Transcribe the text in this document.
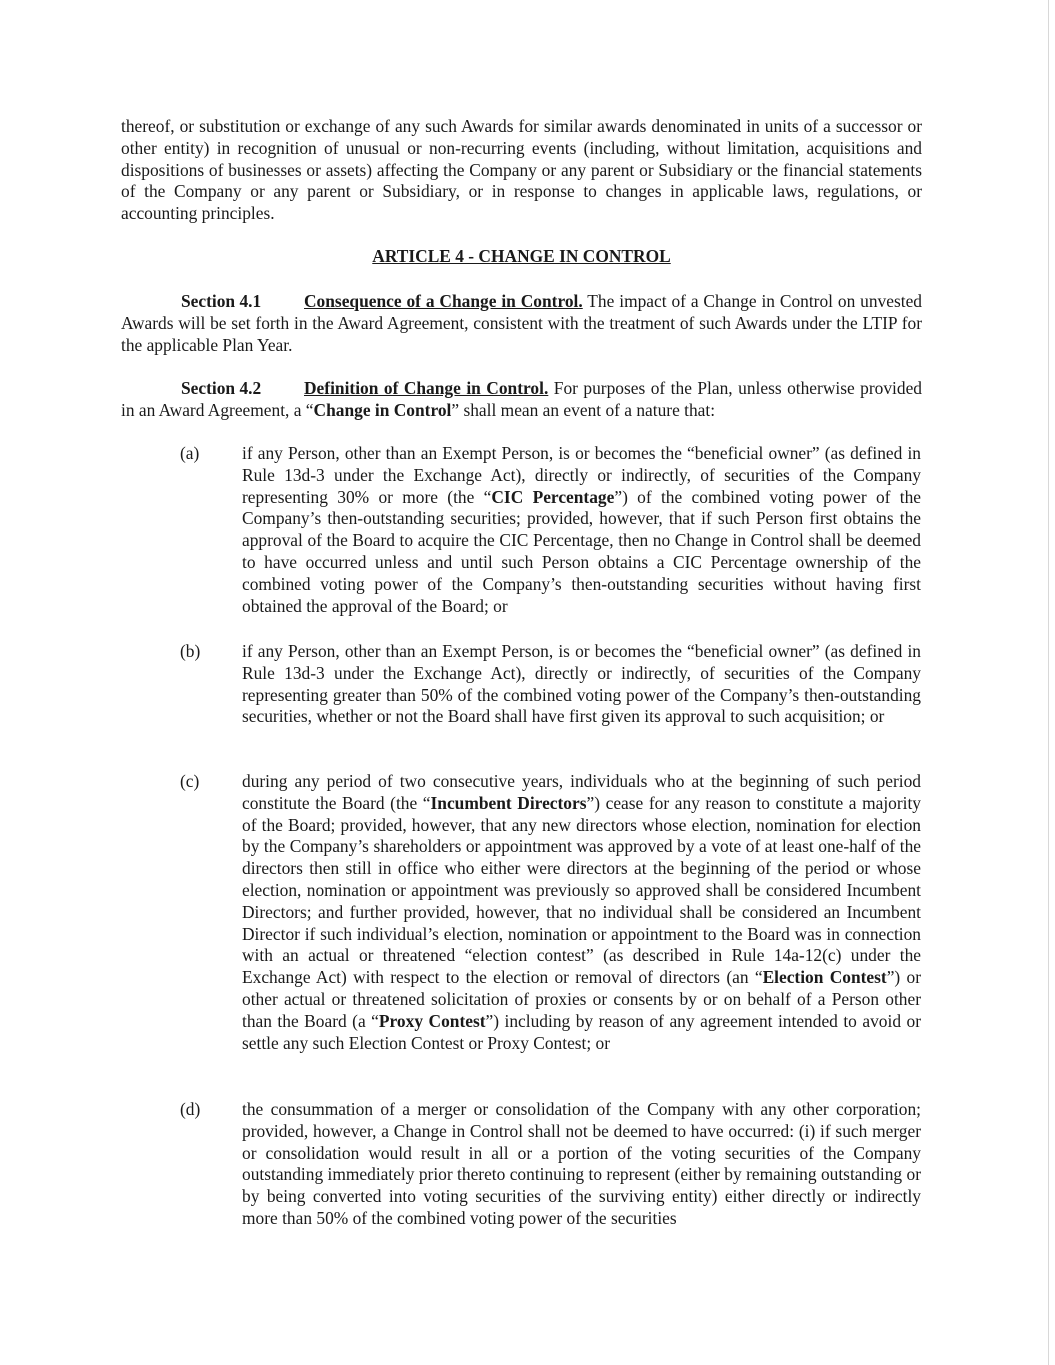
thereof, or substitution or exchange of any such Awards for similar awards denominated in units of a successor or other entity) in recognition of unusual or non-recurring events (including, without limitation, acquisitions and dispositions of businesses or assets) affecting the Company or any parent or Subsidiary or the financial statements of the Company or any parent or Subsidiary, or in response to changes in applicable laws, regulations, or accounting principles.
ARTICLE 4 - CHANGE IN CONTROL
Section 4.1 Consequence of a Change in Control. The impact of a Change in Control on unvested Awards will be set forth in the Award Agreement, consistent with the treatment of such Awards under the LTIP for the applicable Plan Year.
Section 4.2 Definition of Change in Control. For purposes of the Plan, unless otherwise provided in an Award Agreement, a “Change in Control” shall mean an event of a nature that:
(a) if any Person, other than an Exempt Person, is or becomes the “beneficial owner” (as defined in Rule 13d-3 under the Exchange Act), directly or indirectly, of securities of the Company representing 30% or more (the “CIC Percentage”) of the combined voting power of the Company’s then-outstanding securities; provided, however, that if such Person first obtains the approval of the Board to acquire the CIC Percentage, then no Change in Control shall be deemed to have occurred unless and until such Person obtains a CIC Percentage ownership of the combined voting power of the Company’s then-outstanding securities without having first obtained the approval of the Board; or
(b) if any Person, other than an Exempt Person, is or becomes the “beneficial owner” (as defined in Rule 13d-3 under the Exchange Act), directly or indirectly, of securities of the Company representing greater than 50% of the combined voting power of the Company’s then-outstanding securities, whether or not the Board shall have first given its approval to such acquisition; or
(c) during any period of two consecutive years, individuals who at the beginning of such period constitute the Board (the “Incumbent Directors”) cease for any reason to constitute a majority of the Board; provided, however, that any new directors whose election, nomination for election by the Company’s shareholders or appointment was approved by a vote of at least one-half of the directors then still in office who either were directors at the beginning of the period or whose election, nomination or appointment was previously so approved shall be considered Incumbent Directors; and further provided, however, that no individual shall be considered an Incumbent Director if such individual’s election, nomination or appointment to the Board was in connection with an actual or threatened “election contest” (as described in Rule 14a-12(c) under the Exchange Act) with respect to the election or removal of directors (an “Election Contest”) or other actual or threatened solicitation of proxies or consents by or on behalf of a Person other than the Board (a “Proxy Contest”) including by reason of any agreement intended to avoid or settle any such Election Contest or Proxy Contest; or
(d) the consummation of a merger or consolidation of the Company with any other corporation; provided, however, a Change in Control shall not be deemed to have occurred: (i) if such merger or consolidation would result in all or a portion of the voting securities of the Company outstanding immediately prior thereto continuing to represent (either by remaining outstanding or by being converted into voting securities of the surviving entity) either directly or indirectly more than 50% of the combined voting power of the securities
